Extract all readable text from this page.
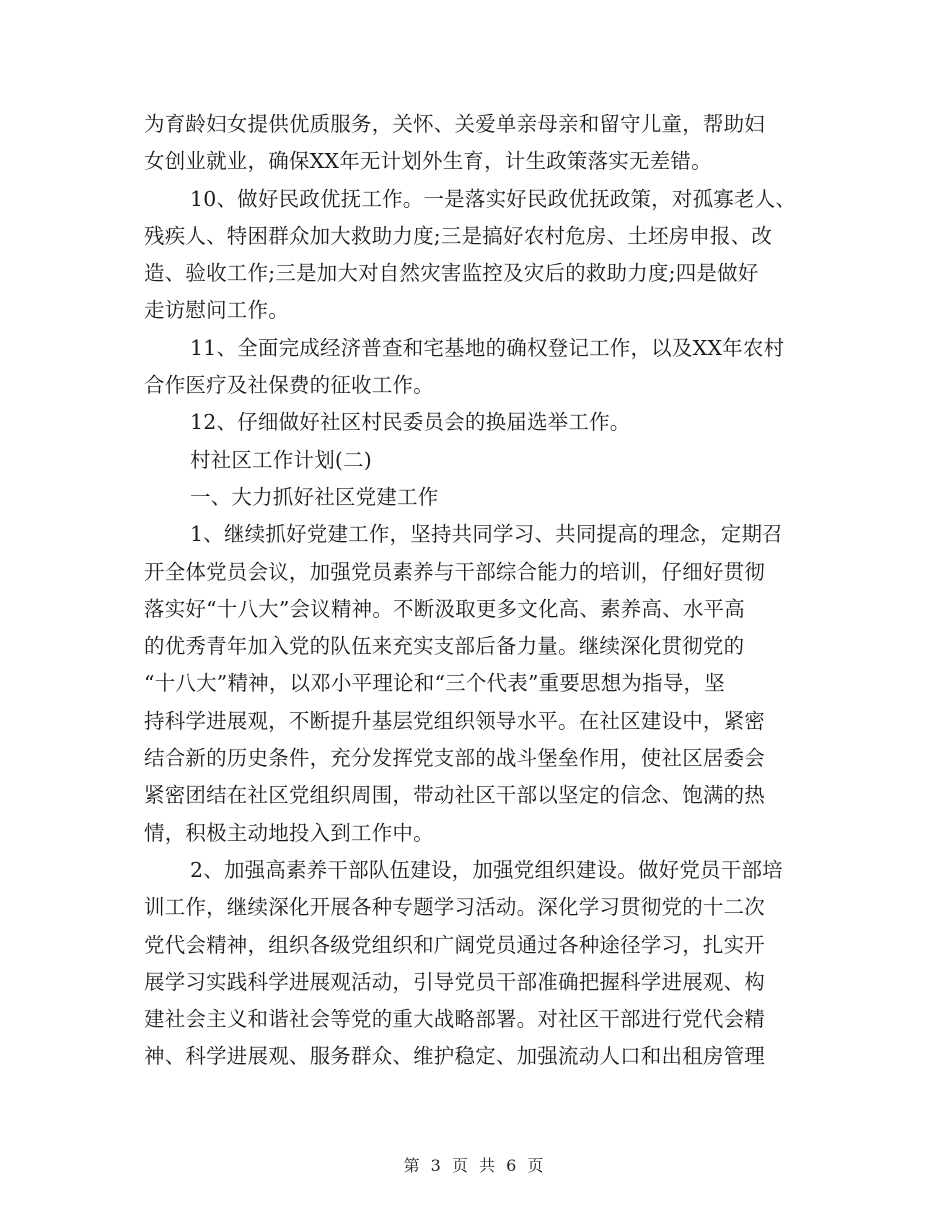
为育龄妇女提供优质服务，关怀、关爱单亲母亲和留守儿童，帮助妇
女创业就业，确保XX年无计划外生育，计生政策落实无差错。
10、做好民政优抚工作。一是落实好民政优抚政策，对孤寡老人、
残疾人、特困群众加大救助力度;三是搞好农村危房、土坯房申报、改
造、验收工作;三是加大对自然灾害监控及灾后的救助力度;四是做好
走访慰问工作。
11、全面完成经济普查和宅基地的确权登记工作，以及XX年农村
合作医疗及社保费的征收工作。
12、仔细做好社区村民委员会的换届选举工作。
村社区工作计划(二)
一、大力抓好社区党建工作
1、继续抓好党建工作，坚持共同学习、共同提高的理念，定期召
开全体党员会议，加强党员素养与干部综合能力的培训，仔细好贯彻
落实好“十八大”会议精神。不断汲取更多文化高、素养高、水平高
的优秀青年加入党的队伍来充实支部后备力量。继续深化贯彻党的
“十八大”精神，以邓小平理论和“三个代表”重要思想为指导，坚
持科学进展观，不断提升基层党组织领导水平。在社区建设中，紧密
结合新的历史条件，充分发挥党支部的战斗堡垒作用，使社区居委会
紧密团结在社区党组织周围，带动社区干部以坚定的信念、饱满的热
情，积极主动地投入到工作中。
2、加强高素养干部队伍建设，加强党组织建设。做好党员干部培
训工作，继续深化开展各种专题学习活动。深化学习贯彻党的十二次
党代会精神，组织各级党组织和广阔党员通过各种途径学习，扎实开
展学习实践科学进展观活动，引导党员干部准确把握科学进展观、构
建社会主义和谐社会等党的重大战略部署。对社区干部进行党代会精
神、科学进展观、服务群众、维护稳定、加强流动人口和出租房管理
第 3 页 共 6 页
